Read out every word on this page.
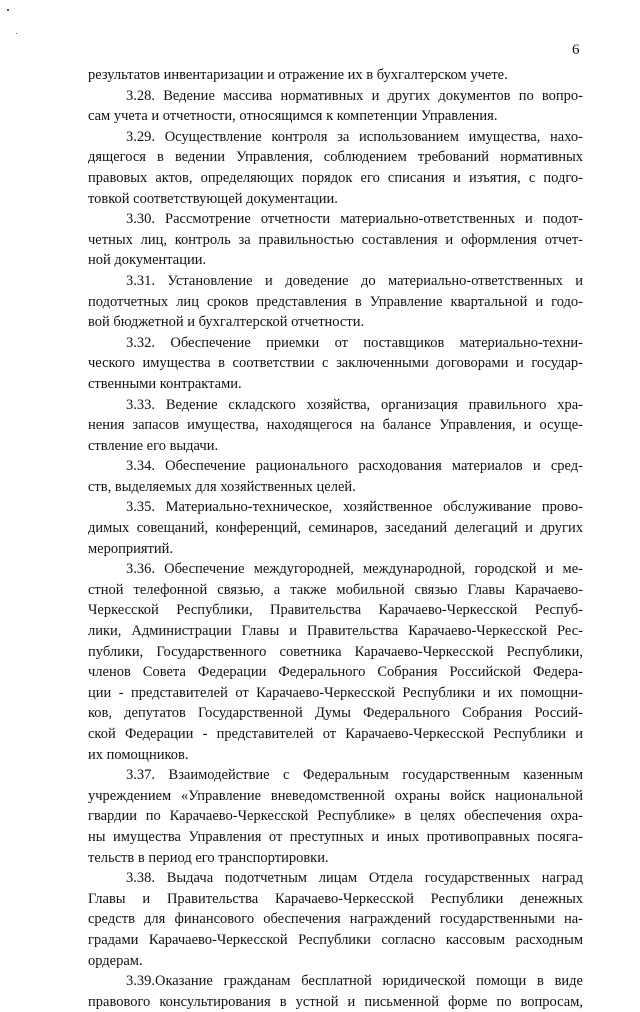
6
результатов инвентаризации и отражение их в бухгалтерском учете.
3.28. Ведение массива нормативных и других документов по вопро-
сам учета и отчетности, относящимся к компетенции Управления.
3.29. Осуществление контроля за использованием имущества, нахо-
дящегося в ведении Управления, соблюдением требований нормативных
правовых актов, определяющих порядок его списания и изъятия, с подго-
товкой соответствующей документации.
3.30. Рассмотрение отчетности материально-ответственных и подот-
четных лиц, контроль за правильностью составления и оформления отчет-
ной документации.
3.31. Установление и доведение до материально-ответственных и
подотчетных лиц сроков представления в Управление квартальной и годо-
вой бюджетной и бухгалтерской отчетности.
3.32. Обеспечение приемки от поставщиков материально-техни-
ческого имущества в соответствии с заключенными договорами и государ-
ственными контрактами.
3.33. Ведение складского хозяйства, организация правильного хра-
нения запасов имущества, находящегося на балансе Управления, и осуще-
ствление его выдачи.
3.34. Обеспечение рационального расходования материалов и сред-
ств, выделяемых для хозяйственных целей.
3.35. Материально-техническое, хозяйственное обслуживание прово-
димых совещаний, конференций, семинаров, заседаний делегаций и других
мероприятий.
3.36. Обеспечение междугородней, международной, городской и ме-
стной телефонной связью, а также мобильной связью Главы Карачаево-
Черкесской Республики, Правительства Карачаево-Черкесской Респуб-
лики, Администрации Главы и Правительства Карачаево-Черкесской Рес-
публики, Государственного советника Карачаево-Черкесской Республики,
членов Совета Федерации Федерального Собрания Российской Федера-
ции - представителей от Карачаево-Черкесской Республики и их помощни-
ков, депутатов Государственной Думы Федерального Собрания Россий-
ской Федерации - представителей от Карачаево-Черкесской Республики и
их помощников.
3.37. Взаимодействие с Федеральным государственным казенным
учреждением «Управление вневедомственной охраны войск национальной
гвардии по Карачаево-Черкесской Республике» в целях обеспечения охра-
ны имущества Управления от преступных и иных противоправных посяга-
тельств в период его транспортировки.
3.38. Выдача подотчетным лицам Отдела государственных наград
Главы и Правительства Карачаево-Черкесской Республики денежных
средств для финансового обеспечения награждений государственными на-
градами Карачаево-Черкесской Республики согласно кассовым расходным
ордерам.
3.39.Оказание гражданам бесплатной юридической помощи в виде
правового консультирования в устной и письменной форме по вопросам,
